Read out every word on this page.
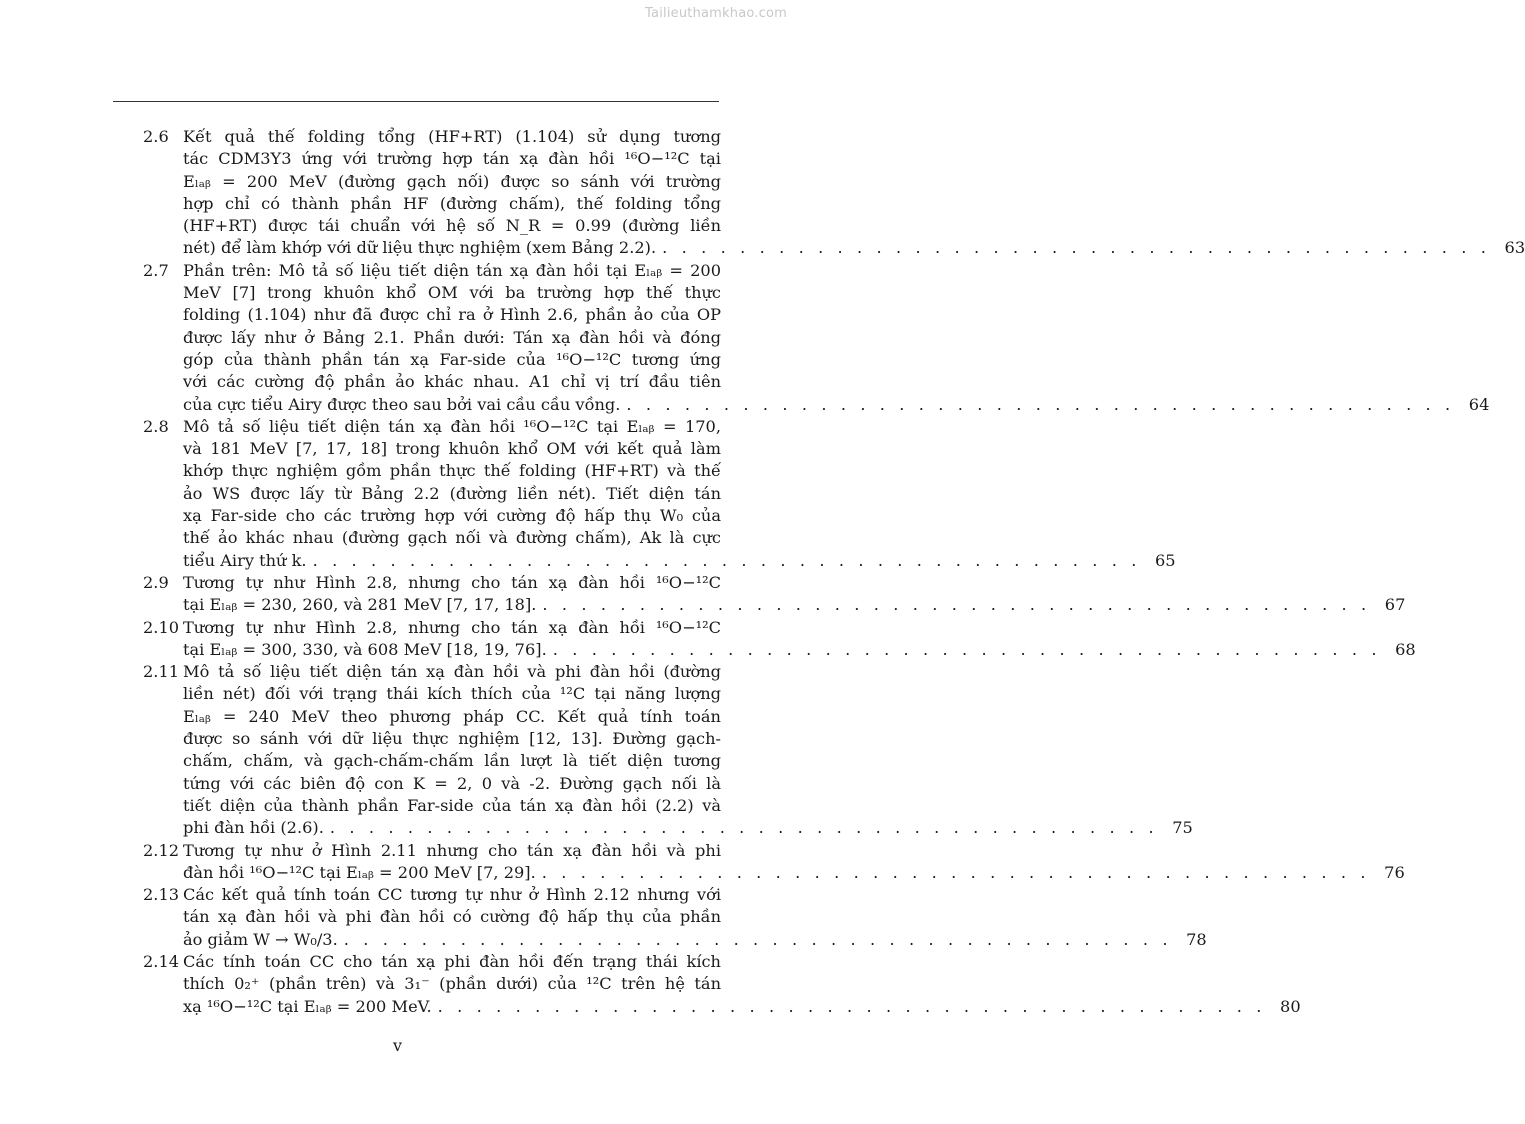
Tailieuthamkhao.com
2.6 Kết quả thế folding tổng (HF+RT) (1.104) sử dụng tương
tác CDM3Y3 ứng với trường hợp tán xạ đàn hồi ¹⁶O−¹²C tại
Eₗₐᵦ = 200 MeV (đường gạch nối) được so sánh với trường
hợp chỉ có thành phần HF (đường chấm), thế folding tổng
(HF+RT) được tái chuẩn với hệ số N_R = 0.99 (đường liền
nét) để làm khớp với dữ liệu thực nghiệm (xem Bảng 2.2). . . . . . . . . . . . . . . . . . . . . . . . . . . . . . . . . . . . . . . . . . . . 63
2.7 Phần trên: Mô tả số liệu tiết diện tán xạ đàn hồi tại Eₗₐᵦ = 200
MeV [7] trong khuôn khổ OM với ba trường hợp thế thực
folding (1.104) như đã được chỉ ra ở Hình 2.6, phần ảo của OP
được lấy như ở Bảng 2.1. Phần dưới: Tán xạ đàn hồi và đóng
góp của thành phần tán xạ Far-side của ¹⁶O−¹²C tương ứng
với các cường độ phần ảo khác nhau. A1 chỉ vị trí đầu tiên
của cực tiểu Airy được theo sau bởi vai cầu cầu vồng. . . . . . . . . . . . . . . . . . . . . . . . . . . . . . . . . . . . . . . . . . . . 64
2.8 Mô tả số liệu tiết diện tán xạ đàn hồi ¹⁶O−¹²C tại Eₗₐᵦ = 170,
và 181 MeV [7, 17, 18] trong khuôn khổ OM với kết quả làm
khớp thực nghiệm gồm phần thực thế folding (HF+RT) và thế
ảo WS được lấy từ Bảng 2.2 (đường liền nét). Tiết diện tán
xạ Far-side cho các trường hợp với cường độ hấp thụ W₀ của
thế ảo khác nhau (đường gạch nối và đường chấm), Ak là cực
tiểu Airy thứ k. . . . . . . . . . . . . . . . . . . . . . . . . . . . . . . . . . . . . . . . . . . . 65
2.9 Tương tự như Hình 2.8, nhưng cho tán xạ đàn hồi ¹⁶O−¹²C
tại Eₗₐᵦ = 230, 260, và 281 MeV [7, 17, 18]. . . . . . . . . . . . . . . . . . . . . . . . . . . . . . . . . . . . . . . . . . . . 67
2.10 Tương tự như Hình 2.8, nhưng cho tán xạ đàn hồi ¹⁶O−¹²C
tại Eₗₐᵦ = 300, 330, và 608 MeV [18, 19, 76]. . . . . . . . . . . . . . . . . . . . . . . . . . . . . . . . . . . . . . . . . . . . 68
2.11 Mô tả số liệu tiết diện tán xạ đàn hồi và phi đàn hồi (đường
liền nét) đối với trạng thái kích thích của ¹²C tại năng lượng
Eₗₐᵦ = 240 MeV theo phương pháp CC. Kết quả tính toán
được so sánh với dữ liệu thực nghiệm [12, 13]. Đường gạch-
chấm, chấm, và gạch-chấm-chấm lần lượt là tiết diện tương
tứng với các biên độ con K = 2, 0 và -2. Đường gạch nối là
tiết diện của thành phần Far-side của tán xạ đàn hồi (2.2) và
phi đàn hồi (2.6). . . . . . . . . . . . . . . . . . . . . . . . . . . . . . . . . . . . . . . . . . . . 75
2.12 Tương tự như ở Hình 2.11 nhưng cho tán xạ đàn hồi và phi
đàn hồi ¹⁶O−¹²C tại Eₗₐᵦ = 200 MeV [7, 29]. . . . . . . . . . . . . . . . . . . . . . . . . . . . . . . . . . . . . . . . . . . . 76
2.13 Các kết quả tính toán CC tương tự như ở Hình 2.12 nhưng với
tán xạ đàn hồi và phi đàn hồi có cường độ hấp thụ của phần
ảo giảm W → W₀/3. . . . . . . . . . . . . . . . . . . . . . . . . . . . . . . . . . . . . . . . . . . . 78
2.14 Các tính toán CC cho tán xạ phi đàn hồi đến trạng thái kích
thích 0₂⁺ (phần trên) và 3₁⁻ (phần dưới) của ¹²C trên hệ tán
xạ ¹⁶O−¹²C tại Eₗₐᵦ = 200 MeV. . . . . . . . . . . . . . . . . . . . . . . . . . . . . . . . . . . . . . . . . . . . 80
v
